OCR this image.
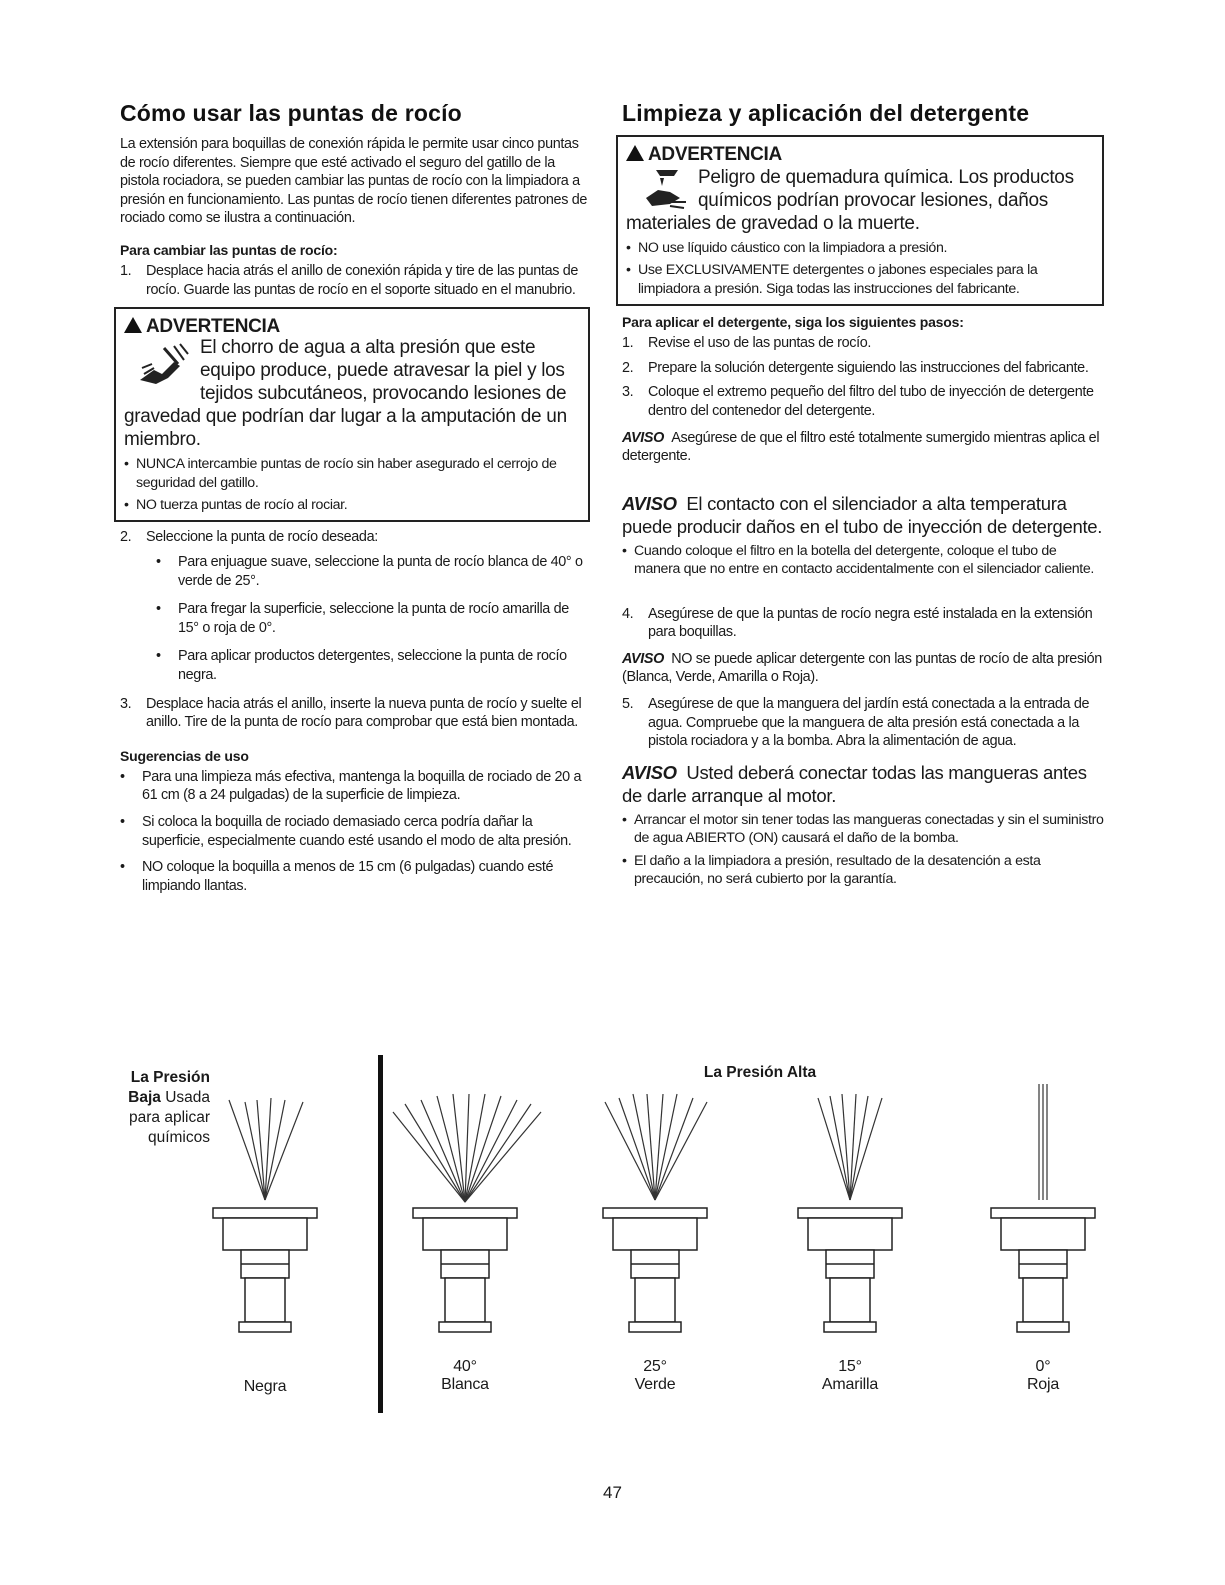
Cómo usar las puntas de rocío

La extensión para boquillas de conexión rápida le permite usar cinco puntas de rocío diferentes. Siempre que esté activado el seguro del gatillo de la pistola rociadora, se pueden cambiar las puntas de rocío con la limpiadora a presión en funcionamiento. Las puntas de rocío tienen diferentes patrones de rociado como se ilustra a continuación.

Para cambiar las puntas de rocío:
1. Desplace hacia atrás el anillo de conexión rápida y tire de las puntas de rocío. Guarde las puntas de rocío en el soporte situado en el manubrio.
ADVERTENCIA
El chorro de agua a alta presión que este equipo produce, puede atravesar la piel y los tejidos subcutáneos, provocando lesiones de gravedad que podrían dar lugar a la amputación de un miembro.
• NUNCA intercambie puntas de rocío sin haber asegurado el cerrojo de seguridad del gatillo.
• NO tuerza puntas de rocío al rociar.
2. Seleccione la punta de rocío deseada:
• Para enjuague suave, seleccione la punta de rocío blanca de 40° o verde de 25°.
• Para fregar la superficie, seleccione la punta de rocío amarilla de 15° o roja de 0°.
• Para aplicar productos detergentes, seleccione la punta de rocío negra.
3. Desplace hacia atrás el anillo, inserte la nueva punta de rocío y suelte el anillo. Tire de la punta de rocío para comprobar que está bien montada.
Sugerencias de uso
• Para una limpieza más efectiva, mantenga la boquilla de rociado de 20 a 61 cm (8 a 24 pulgadas) de la superficie de limpieza.
• Si coloca la boquilla de rociado demasiado cerca podría dañar la superficie, especialmente cuando esté usando el modo de alta presión.
• NO coloque la boquilla a menos de 15 cm (6 pulgadas) cuando esté limpiando llantas.
Limpieza y aplicación del detergente
ADVERTENCIA
Peligro de quemadura química. Los productos químicos podrían provocar lesiones, daños materiales de gravedad o la muerte.
• NO use líquido cáustico con la limpiadora a presión.
• Use EXCLUSIVAMENTE detergentes o jabones especiales para la limpiadora a presión. Siga todas las instrucciones del fabricante.
Para aplicar el detergente, siga los siguientes pasos:
1. Revise el uso de las puntas de rocío.
2. Prepare la solución detergente siguiendo las instrucciones del fabricante.
3. Coloque el extremo pequeño del filtro del tubo de inyección de detergente dentro del contenedor del detergente.

AVISO Asegúrese de que el filtro esté totalmente sumergido mientras aplica el detergente.

AVISO El contacto con el silenciador a alta temperatura puede producir daños en el tubo de inyección de detergente.

• Cuando coloque el filtro en la botella del detergente, coloque el tubo de manera que no entre en contacto accidentalmente con el silenciador caliente.
4. Asegúrese de que la puntas de rocío negra esté instalada en la extensión para boquillas.

AVISO NO se puede aplicar detergente con las puntas de rocío de alta presión (Blanca, Verde, Amarilla o Roja).

5. Asegúrese de que la manguera del jardín está conectada a la entrada de agua. Compruebe que la manguera de alta presión está conectada a la pistola rociadora y a la bomba. Abra la alimentación de agua.

AVISO Usted deberá conectar todas las mangueras antes de darle arranque al motor.

• Arrancar el motor sin tener todas las mangueras conectadas y sin el suministro de agua ABIERTO (ON) causará el daño de la bomba.
• El daño a la limpiadora a presión, resultado de la desatención a esta precaución, no será cubierto por la garantía.
La Presión Baja Usada para aplicar químicos
La Presión Alta
Negra
40°
Blanca
25°
Verde
15°
Amarilla
0°
Roja
47
